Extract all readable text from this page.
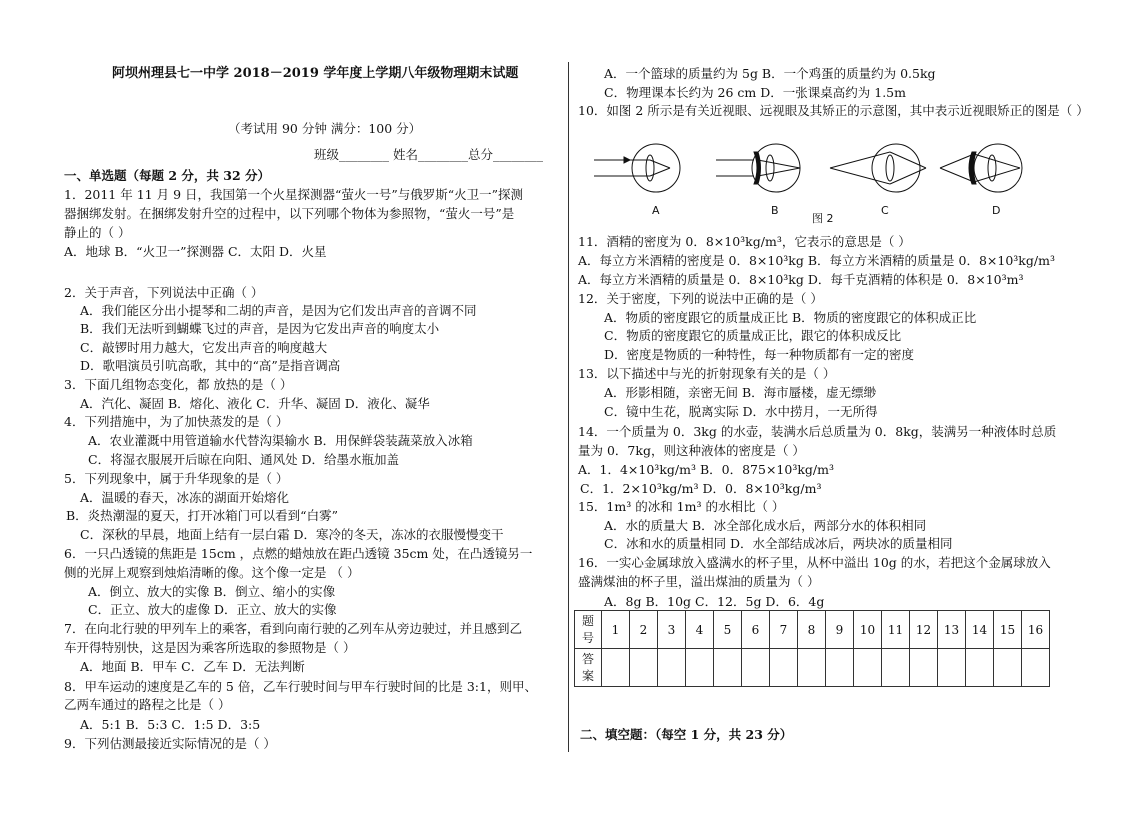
阿坝州理县七一中学 2018－2019 学年度上学期八年级物理期末试题
（考试用 90 分钟 满分：100 分）
班级________ 姓名________总分________
一、单选题（每题 2 分，共 32 分）
1．2011 年 11 月 9 日，我国第一个火星探测器“萤火一号”与俄罗斯“火卫一”探测
器捆绑发射。在捆绑发射升空的过程中，以下列哪个物体为参照物，“萤火一号”是
静止的（ ）
A．地球 B．“火卫一”探测器 C．太阳 D．火星
2．关于声音，下列说法中正确（ ）
A．我们能区分出小提琴和二胡的声音，是因为它们发出声音的音调不同
B．我们无法听到蝴蝶飞过的声音，是因为它发出声音的响度太小
C．敲锣时用力越大，它发出声音的响度越大
D．歌唱演员引吭高歌，其中的“高”是指音调高
3．下面几组物态变化，都 放热的是（ ）
A．汽化、凝固 B．熔化、液化 C．升华、凝固 D．液化、凝华
4．下列措施中，为了加快蒸发的是（ ）
A．农业灌溉中用管道输水代替沟渠输水 B．用保鲜袋装蔬菜放入冰箱
C．将湿衣服展开后晾在向阳、通风处 D．给墨水瓶加盖
5．下列现象中，属于升华现象的是（ ）
A．温暖的春天，冰冻的湖面开始熔化
B．炎热潮湿的夏天，打开冰箱门可以看到“白雾”
C．深秋的早晨，地面上结有一层白霜 D．寒冷的冬天，冻冰的衣服慢慢变干
6．一只凸透镜的焦距是 15cm ，点燃的蜡烛放在距凸透镜 35cm 处，在凸透镜另一
侧的光屏上观察到烛焰清晰的像。这个像一定是 （ ）
A．倒立、放大的实像 B．倒立、缩小的实像
C．正立、放大的虚像 D．正立、放大的实像
7．在向北行驶的甲列车上的乘客，看到向南行驶的乙列车从旁边驶过，并且感到乙
车开得特别快，这是因为乘客所选取的参照物是（ ）
A．地面 B．甲车 C．乙车 D．无法判断
8．甲车运动的速度是乙车的 5 倍，乙车行驶时间与甲车行驶时间的比是 3:1，则甲、
乙两车通过的路程之比是（ ）
A．5:1 B．5:3 C．1:5 D．3:5
9．下列估测最接近实际情况的是（ ）
A．一个篮球的质量约为 5g B．一个鸡蛋的质量约为 0.5kg
C．物理课本长约为 26 cm D．一张课桌高约为 1.5m
10．如图 2 所示是有关近视眼、远视眼及其矫正的示意图，其中表示近视眼矫正的图是（ ）
A	B	C	D
图 2
11．酒精的密度为 0．8×10³kg/m³，它表示的意思是（ ）
A．每立方米酒精的密度是 0．8×10³kg B．每立方米酒精的质量是 0．8×10³kg/m³
A．每立方米酒精的质量是 0．8×10³kg D．每千克酒精的体积是 0．8×10³m³
12．关于密度，下列的说法中正确的是（ ）
A．物质的密度跟它的质量成正比 B．物质的密度跟它的体积成正比
C．物质的密度跟它的质量成正比，跟它的体积成反比
D．密度是物质的一种特性，每一种物质都有一定的密度
13．以下描述中与光的折射现象有关的是（ ）
A．形影相随，亲密无间 B．海市蜃楼，虚无缥缈
C．镜中生花，脱离实际 D．水中捞月，一无所得
14．一个质量为 0．3kg 的水壶，装满水后总质量为 0．8kg，装满另一种液体时总质
量为 0．7kg，则这种液体的密度是（ ）
A．1．4×10³kg/m³ B．0．875×10³kg/m³
C．1．2×10³kg/m³ D．0．8×10³kg/m³
15．1m³ 的冰和 1m³ 的水相比（ ）
A．水的质量大 B．冰全部化成水后，两部分水的体积相同
C．冰和水的质量相同 D．水全部结成冰后，两块冰的质量相同
16．一实心金属球放入盛满水的杯子里，从杯中溢出 10g 的水，若把这个金属球放入
盛满煤油的杯子里，溢出煤油的质量为（ ）
A．8g B．10g C．12．5g D．6．4g
题
号	1	2	3	4	5	6	7	8	9	10	11	12	13	14	15	16
答
案																
二、填空题：（每空 1 分，共 23 分）
